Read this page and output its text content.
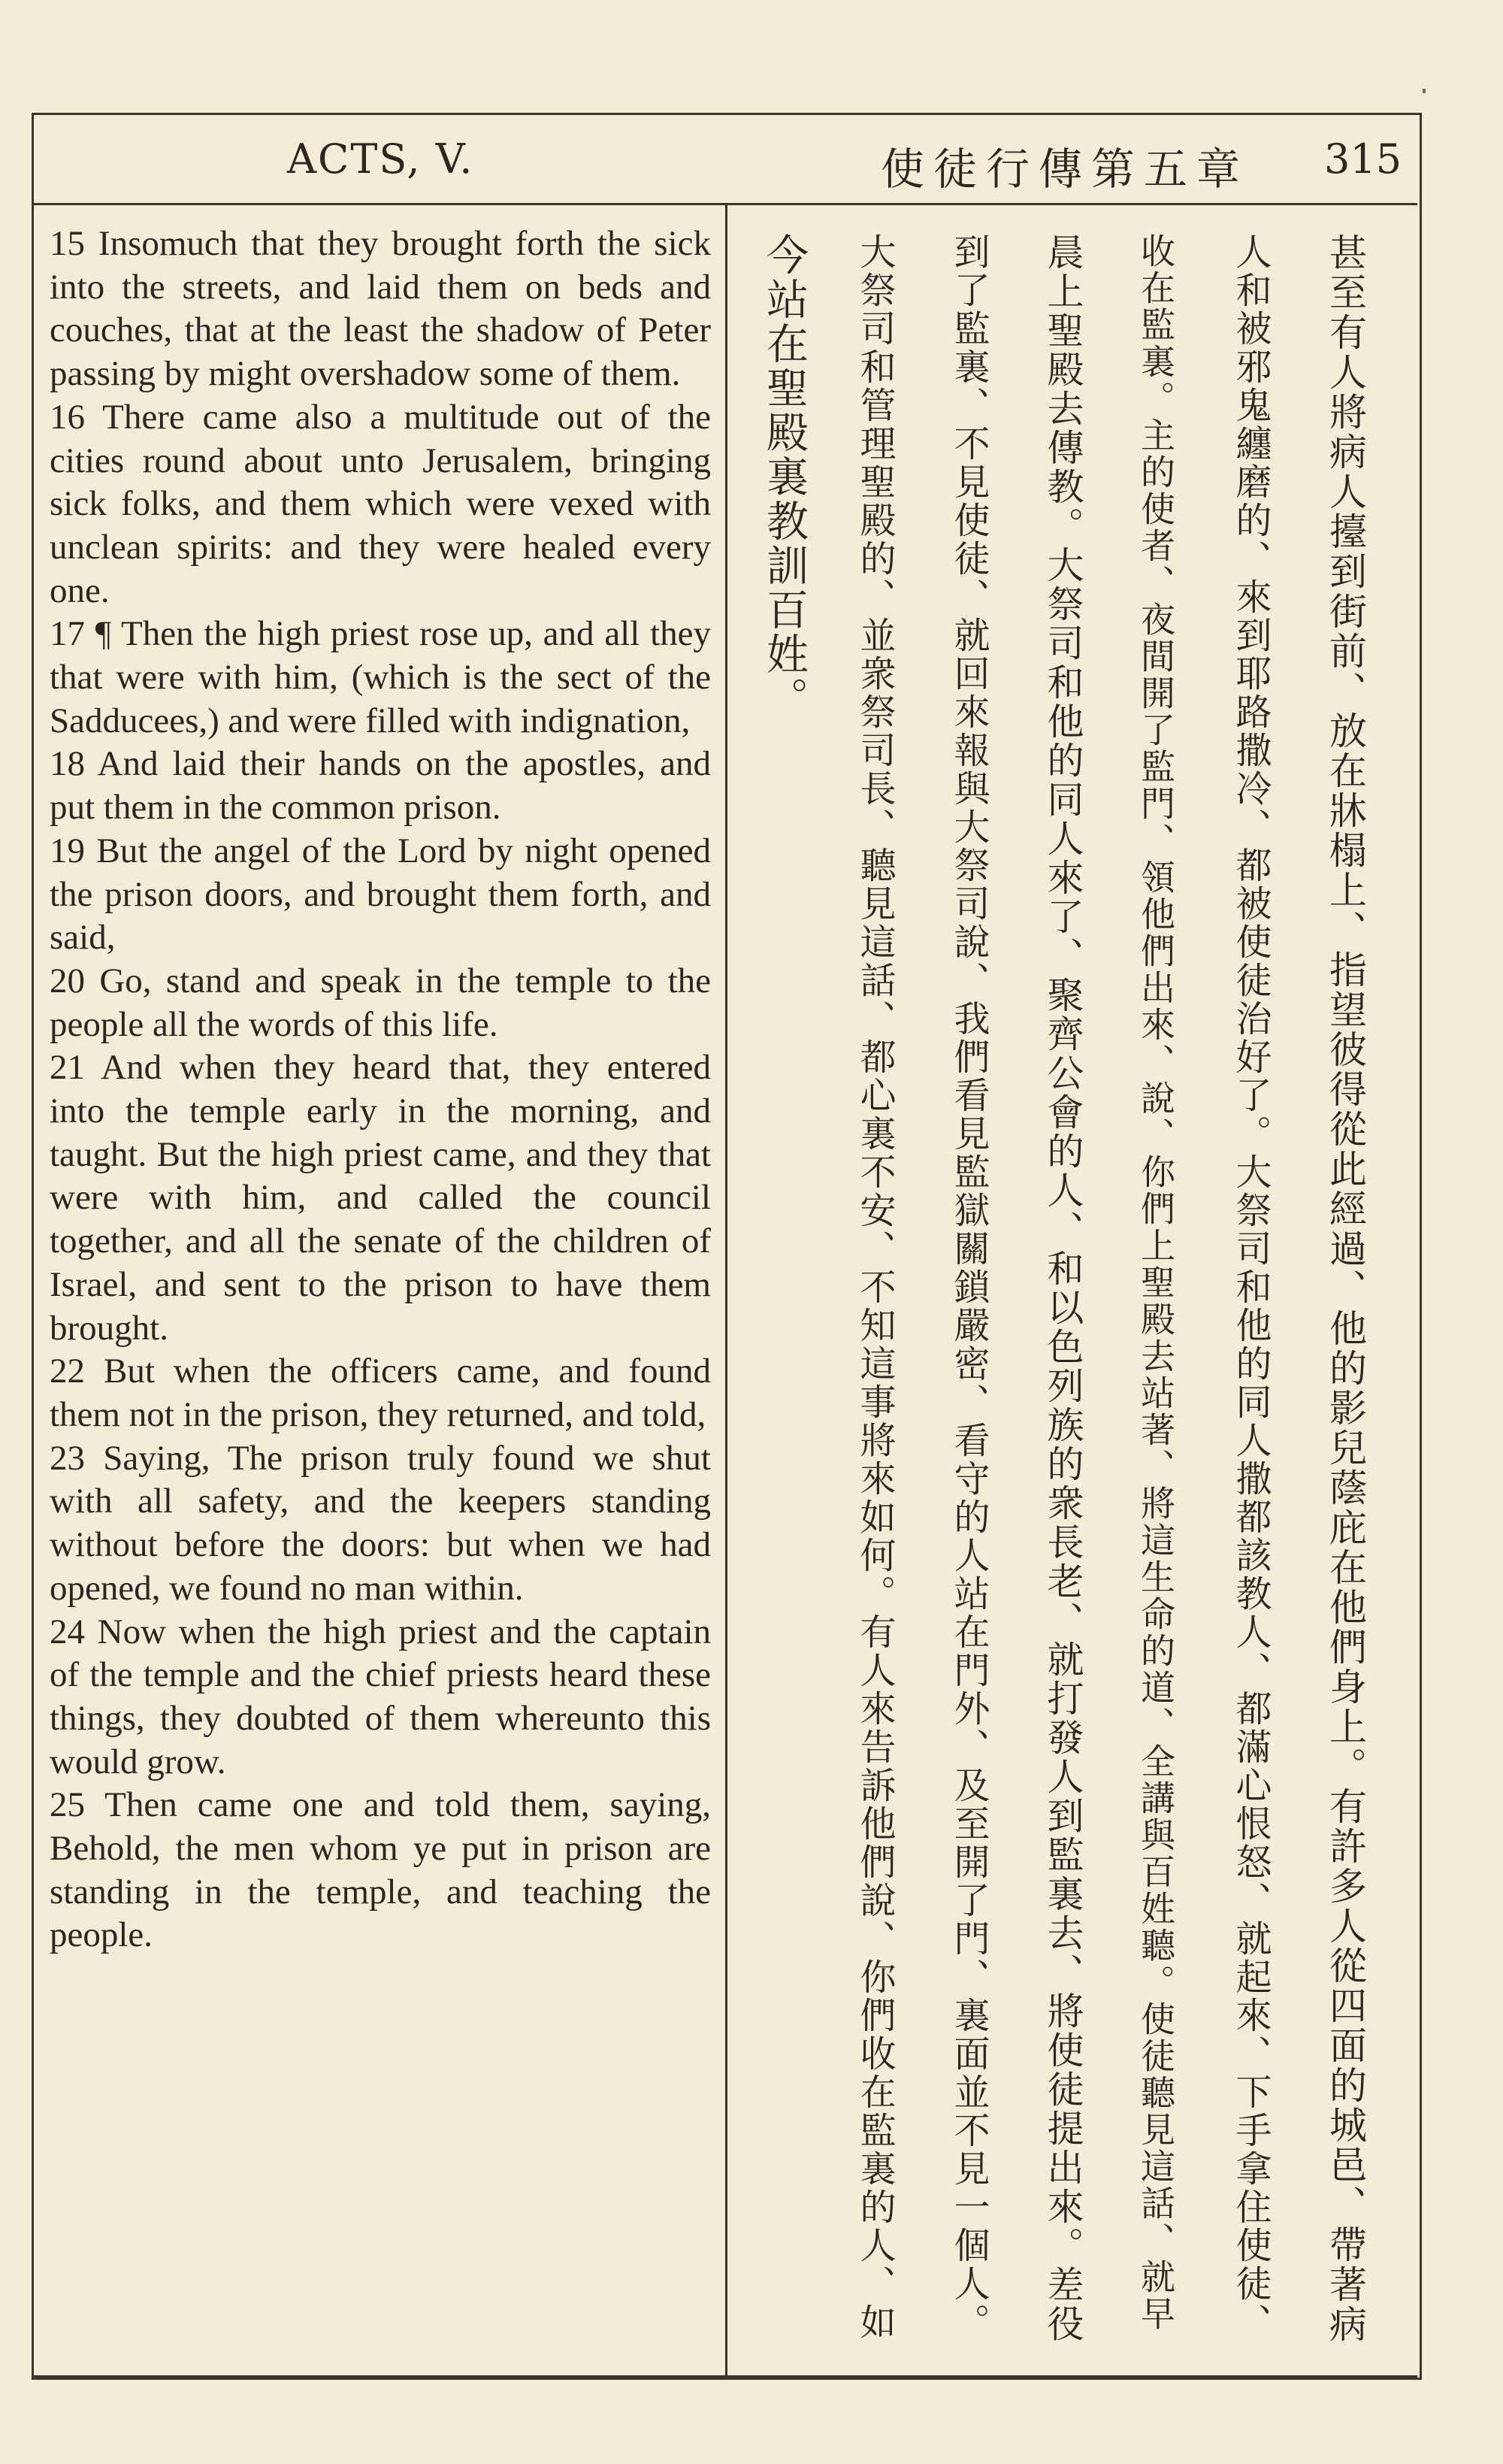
ACTS, V.	使徒行傳第五章 315

15 Insomuch that they brought forth the sick into the streets, and laid them on beds and couches, that at the least the shadow of Peter passing by might overshadow some of them.

16 There came also a multitude out of the cities round about unto Jerusalem, bringing sick folks, and them which were vexed with unclean spirits: and they were healed every one.

17 ¶ Then the high priest rose up, and all they that were with him, (which is the sect of the Sadducees,) and were filled with indignation,

18 And laid their hands on the apostles, and put them in the common prison.

19 But the angel of the Lord by night opened the prison doors, and brought them forth, and said,

20 Go, stand and speak in the temple to the people all the words of this life.

21 And when they heard that, they entered into the temple early in the morning, and taught. But the high priest came, and they that were with him, and called the council together, and all the senate of the children of Israel, and sent to the prison to have them brought.

22 But when the officers came, and found them not in the prison, they returned, and told,

23 Saying, The prison truly found we shut with all safety, and the keepers standing without before the doors: but when we had opened, we found no man within.

24 Now when the high priest and the captain of the temple and the chief priests heard these things, they doubted of them whereunto this would grow.

25 Then came one and told them, saying, Behold, the men whom ye put in prison are standing in the temple, and teaching the people.	甚至有人將病人擡到街前、放在牀榻上、指望彼得從此經過、他的影兒蔭庇在他們身上。有許多人從四面的城邑、帶著病
人和被邪鬼纏磨的、來到耶路撒冷、都被使徒治好了。大祭司和他的同人撒都該教人、都滿心恨怒、就起來、下手拿住使徒、
收在監裏。主的使者、夜間開了監門、領他們出來、說、你們上聖殿去站著、將這生命的道、全講與百姓聽。使徒聽見這話、就早
晨上聖殿去傳教。大祭司和他的同人來了、聚齊公會的人、和以色列族的衆長老、就打發人到監裏去、將使徒提出來。差役
到了監裏、不見使徒、就回來報與大祭司說、我們看見監獄關鎖嚴密、看守的人站在門外、及至開了門、裏面並不見一個人。
大祭司和管理聖殿的、並衆祭司長、聽見這話、都心裏不安、不知這事將來如何。有人來告訴他們說、你們收在監裏的人、如
今站在聖殿裏教訓百姓。
